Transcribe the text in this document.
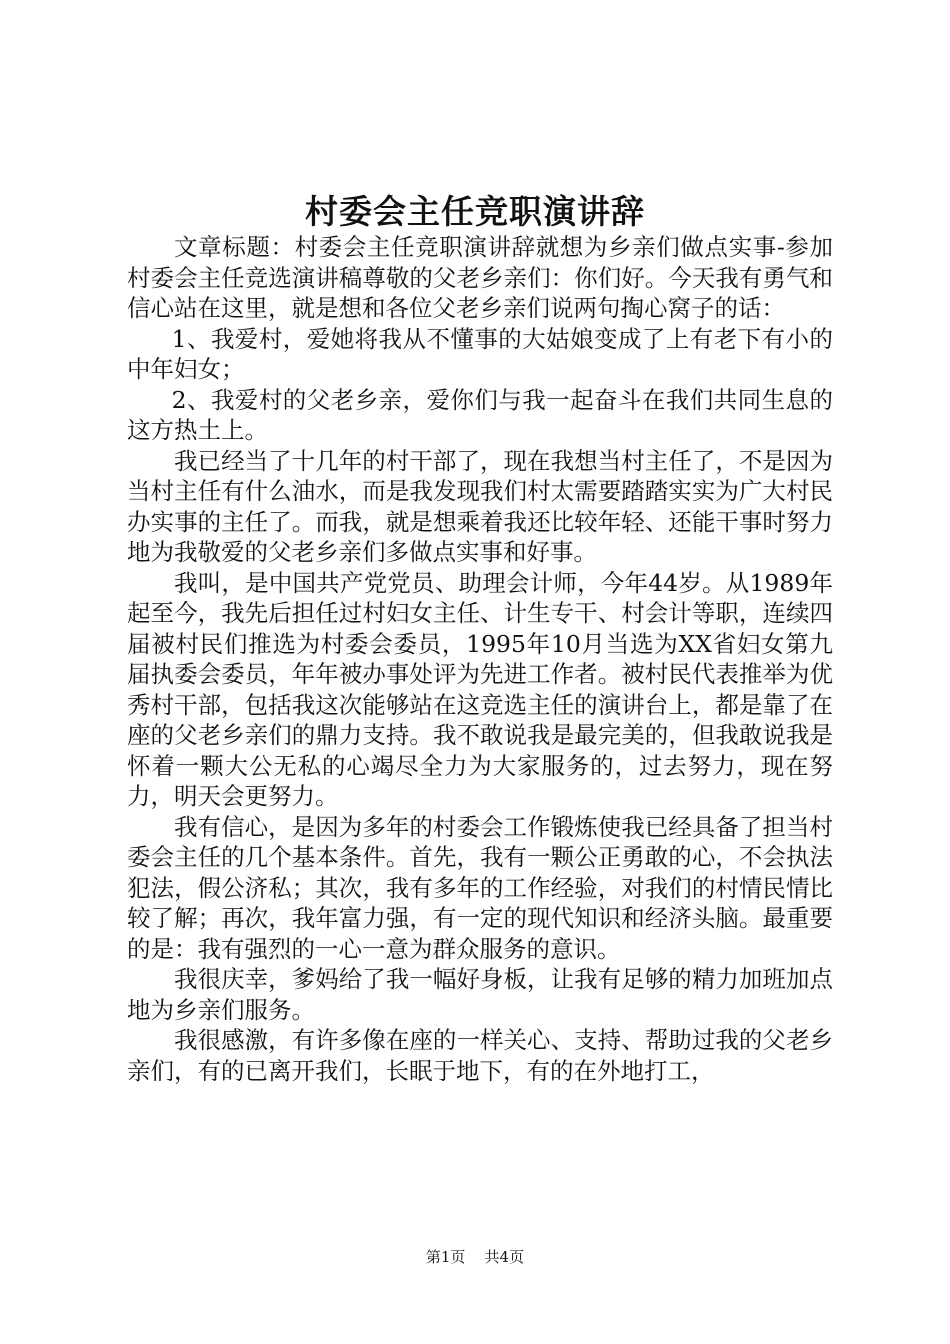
村委会主任竞职演讲辞

文章标题：村委会主任竞职演讲辞就想为乡亲们做点实事-参加村委会主任竞选演讲稿尊敬的父老乡亲们：你们好。今天我有勇气和信心站在这里，就是想和各位父老乡亲们说两句掏心窝子的话：

1、我爱村，爱她将我从不懂事的大姑娘变成了上有老下有小的中年妇女；

2、我爱村的父老乡亲，爱你们与我一起奋斗在我们共同生息的这方热土上。

我已经当了十几年的村干部了，现在我想当村主任了，不是因为当村主任有什么油水，而是我发现我们村太需要踏踏实实为广大村民办实事的主任了。而我，就是想乘着我还比较年轻、还能干事时努力地为我敬爱的父老乡亲们多做点实事和好事。

我叫，是中国共产党党员、助理会计师，今年44岁。从1989年起至今，我先后担任过村妇女主任、计生专干、村会计等职，连续四届被村民们推选为村委会委员，1995年10月当选为XX省妇女第九届执委会委员，年年被办事处评为先进工作者。被村民代表推举为优秀村干部，包括我这次能够站在这竞选主任的演讲台上，都是靠了在座的父老乡亲们的鼎力支持。我不敢说我是最完美的，但我敢说我是怀着一颗大公无私的心竭尽全力为大家服务的，过去努力，现在努力，明天会更努力。

我有信心，是因为多年的村委会工作锻炼使我已经具备了担当村委会主任的几个基本条件。首先，我有一颗公正勇敢的心，不会执法犯法，假公济私；其次，我有多年的工作经验，对我们的村情民情比较了解；再次，我年富力强，有一定的现代知识和经济头脑。最重要的是：我有强烈的一心一意为群众服务的意识。

我很庆幸，爹妈给了我一幅好身板，让我有足够的精力加班加点地为乡亲们服务。

我很感激，有许多像在座的一样关心、支持、帮助过我的父老乡亲们，有的已离开我们，长眠于地下，有的在外地打工，

第1页 共4页
